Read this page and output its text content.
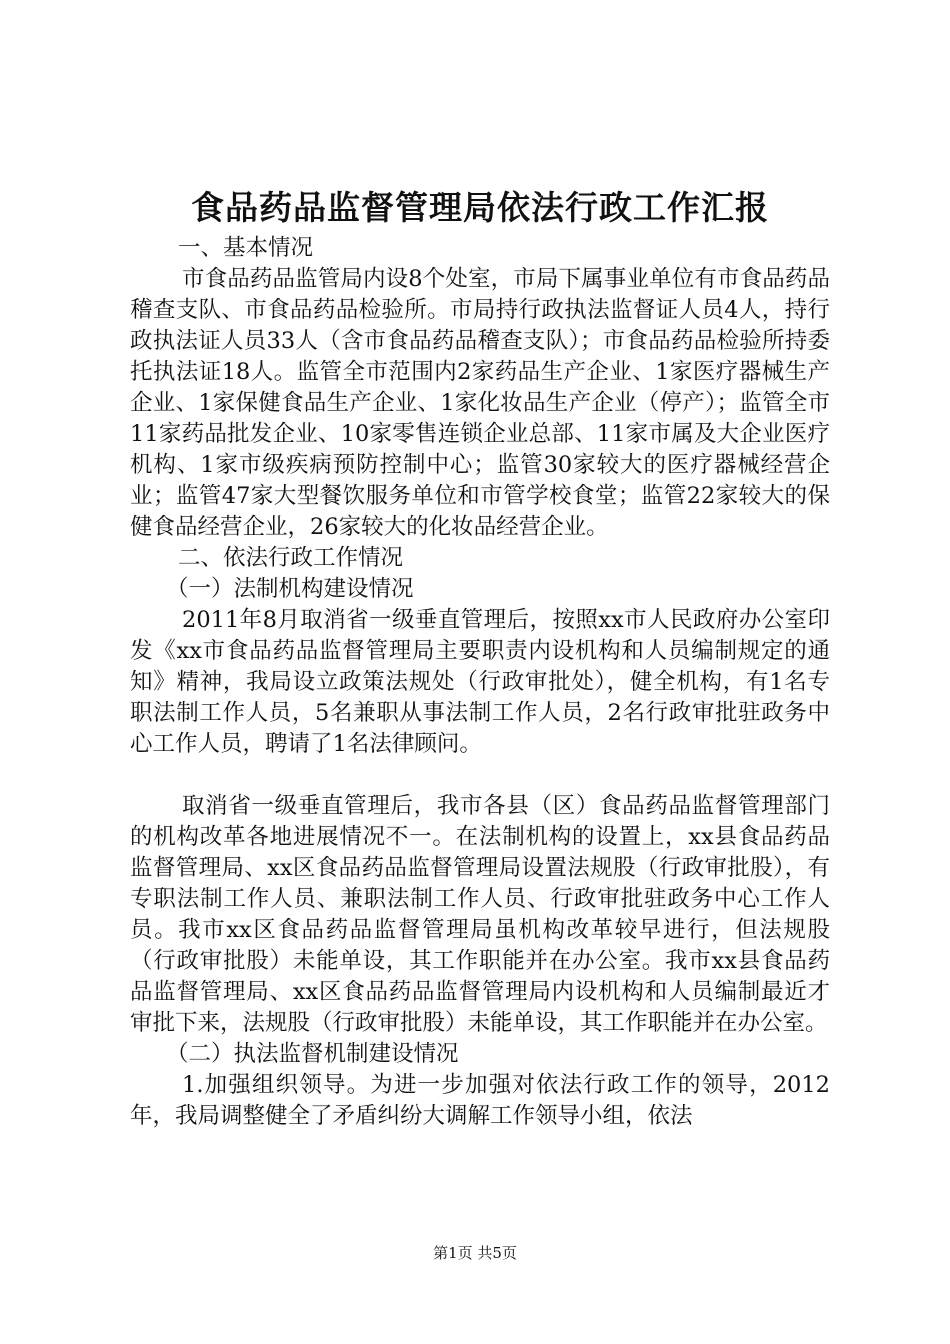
食品药品监督管理局依法行政工作汇报

一、基本情况

市食品药品监管局内设8个处室，市局下属事业单位有市食品药品稽查支队、市食品药品检验所。市局持行政执法监督证人员4人，持行政执法证人员33人（含市食品药品稽查支队）；市食品药品检验所持委托执法证18人。监管全市范围内2家药品生产企业、1家医疗器械生产企业、1家保健食品生产企业、1家化妆品生产企业（停产）；监管全市11家药品批发企业、10家零售连锁企业总部、11家市属及大企业医疗机构、1家市级疾病预防控制中心；监管30家较大的医疗器械经营企业；监管47家大型餐饮服务单位和市管学校食堂；监管22家较大的保健食品经营企业，26家较大的化妆品经营企业。

二、依法行政工作情况

（一）法制机构建设情况

2011年8月取消省一级垂直管理后，按照xx市人民政府办公室印发《xx市食品药品监督管理局主要职责内设机构和人员编制规定的通知》精神，我局设立政策法规处（行政审批处），健全机构，有1名专职法制工作人员，5名兼职从事法制工作人员，2名行政审批驻政务中心工作人员，聘请了1名法律顾问。

取消省一级垂直管理后，我市各县（区）食品药品监督管理部门的机构改革各地进展情况不一。在法制机构的设置上，xx县食品药品监督管理局、xx区食品药品监督管理局设置法规股（行政审批股），有专职法制工作人员、兼职法制工作人员、行政审批驻政务中心工作人员。我市xx区食品药品监督管理局虽机构改革较早进行，但法规股（行政审批股）未能单设，其工作职能并在办公室。我市xx县食品药品监督管理局、xx区食品药品监督管理局内设机构和人员编制最近才审批下来，法规股（行政审批股）未能单设，其工作职能并在办公室。

（二）执法监督机制建设情况

1.加强组织领导。为进一步加强对依法行政工作的领导，2012年，我局调整健全了矛盾纠纷大调解工作领导小组，依法

第1页 共5页
